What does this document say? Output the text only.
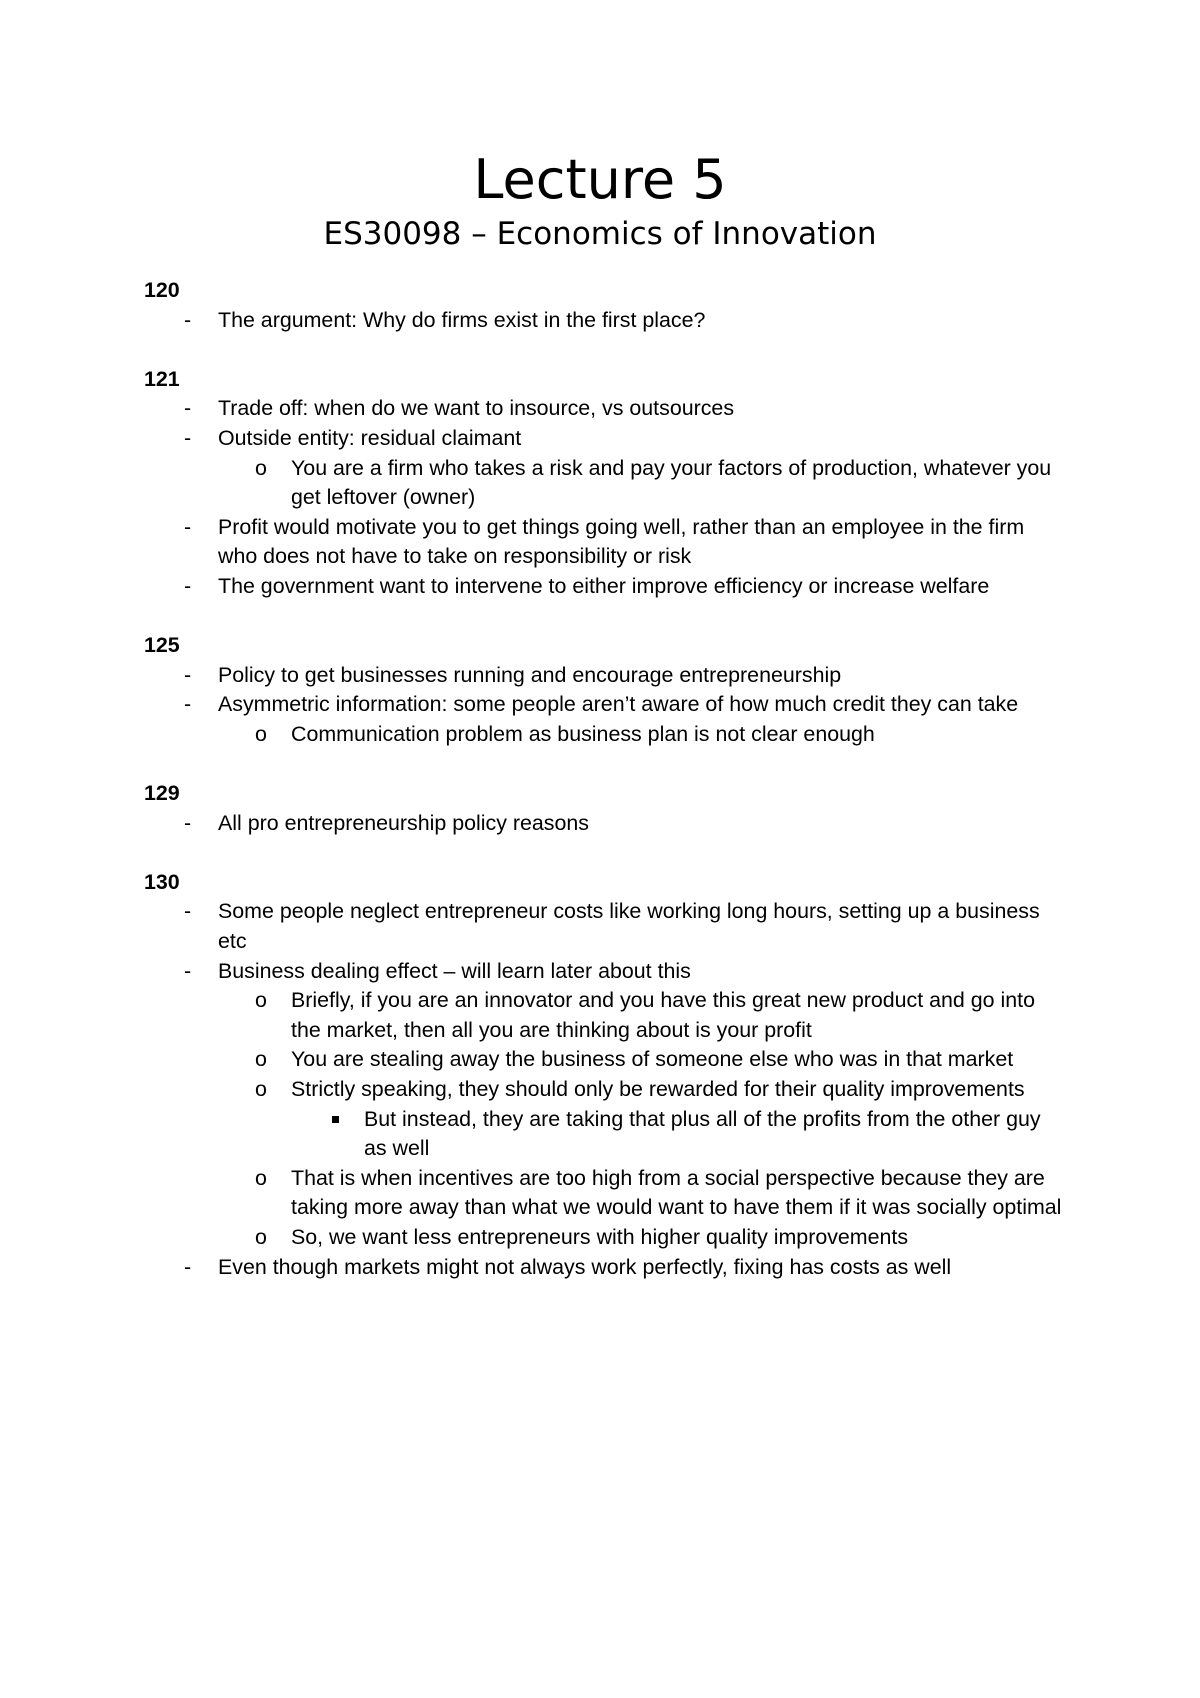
Lecture 5
ES30098 – Economics of Innovation
120
- The argument: Why do firms exist in the first place?
121
- Trade off: when do we want to insource, vs outsources
- Outside entity: residual claimant
o You are a firm who takes a risk and pay your factors of production, whatever you get leftover (owner)
- Profit would motivate you to get things going well, rather than an employee in the firm who does not have to take on responsibility or risk
- The government want to intervene to either improve efficiency or increase welfare
125
- Policy to get businesses running and encourage entrepreneurship
- Asymmetric information: some people aren’t aware of how much credit they can take
o Communication problem as business plan is not clear enough
129
- All pro entrepreneurship policy reasons
130
- Some people neglect entrepreneur costs like working long hours, setting up a business etc
- Business dealing effect – will learn later about this
o Briefly, if you are an innovator and you have this great new product and go into the market, then all you are thinking about is your profit
o You are stealing away the business of someone else who was in that market
o Strictly speaking, they should only be rewarded for their quality improvements
But instead, they are taking that plus all of the profits from the other guy as well
o That is when incentives are too high from a social perspective because they are taking more away than what we would want to have them if it was socially optimal
o So, we want less entrepreneurs with higher quality improvements
- Even though markets might not always work perfectly, fixing has costs as well
